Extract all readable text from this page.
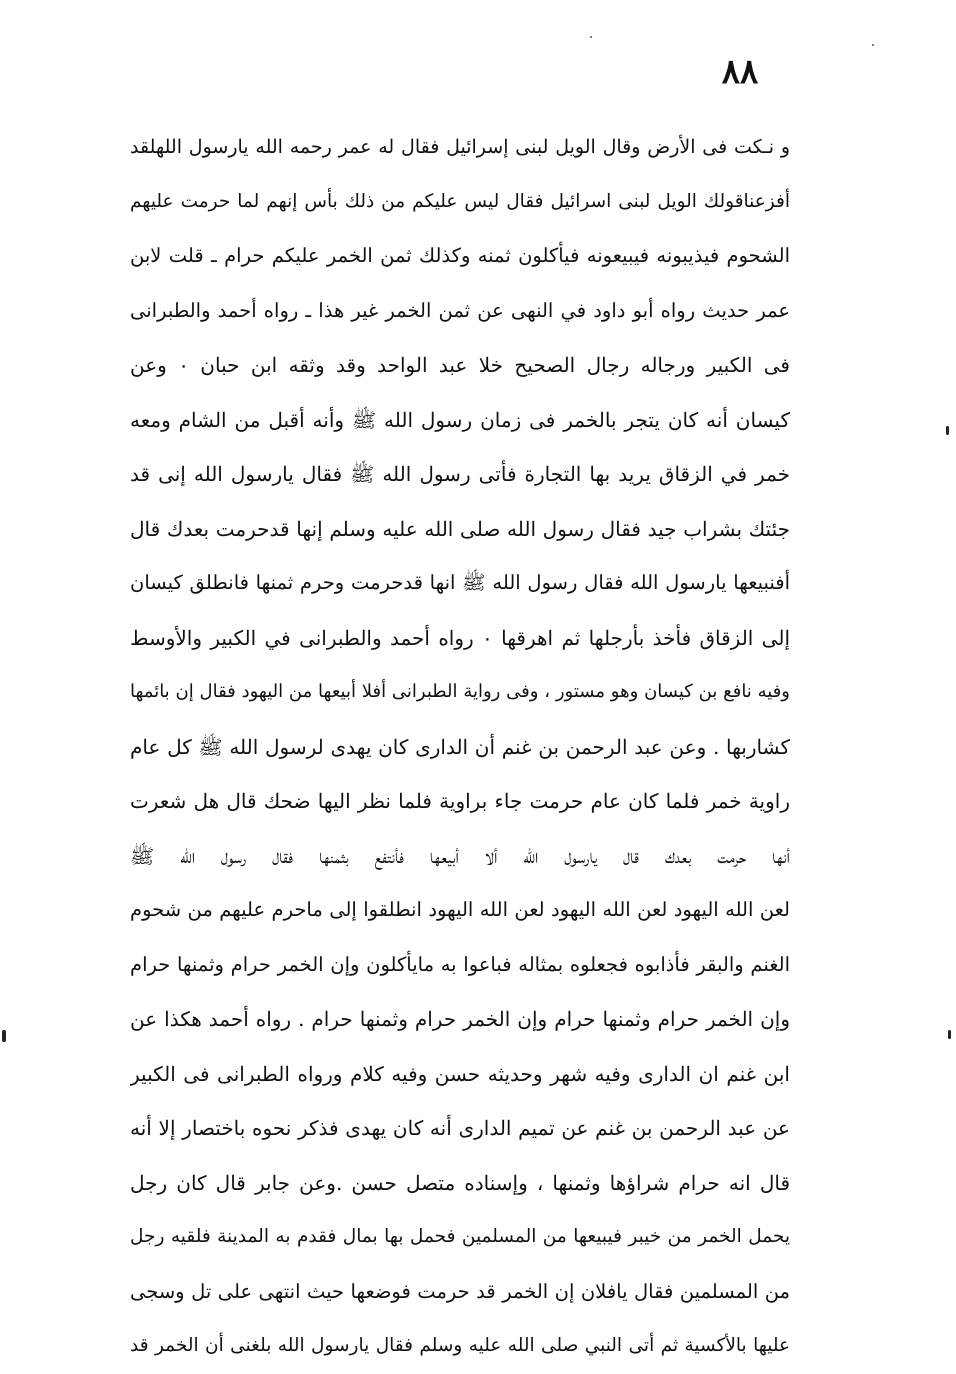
٨٨
و نـكت فى الأرض وقال الويل لبنى إسرائيل فقال له عمر رحمه الله يارسول اللهلقد
أفزعناقولك الويل لبنى اسرائيل فقال ليس عليكم من ذلك بأس إنهم لما حرمت عليهم
الشحوم فيذيبونه فيبيعونه فيأكلون ثمنه وكذلك ثمن الخمر عليكم حرام ـ قلت لابن
عمر حديث رواه أبو داود في النهى عن ثمن الخمر غير هذا ـ رواه أحمد والطبرانى
فى الكبير ورجاله رجال الصحيح خلا عبد الواحد وقد وثقه ابن حبان ٠ وعن
كيسان أنه كان يتجر بالخمر فى زمان رسول الله ﷺ وأنه أقبل من الشام ومعه
خمر في الزقاق يريد بها التجارة فأتى رسول الله ﷺ فقال يارسول الله إنى قد
جئتك بشراب جيد فقال رسول الله صلى الله عليه وسلم إنها قدحرمت بعدك قال
أفنبيعها يارسول الله فقال رسول الله ﷺ انها قدحرمت وحرم ثمنها فانطلق كيسان
إلى الزقاق فأخذ بأرجلها ثم اهرقها ٠ رواه أحمد والطبرانى في الكبير والأوسط
وفيه نافع بن كيسان وهو مستور ، وفى رواية الطبرانى أفلا أبيعها من اليهود فقال إن بائمها
كشاربها . وعن عبد الرحمن بن غنم أن الدارى كان يهدى لرسول الله ﷺ كل عام
راوية خمر فلما كان عام حرمت جاء براوية فلما نظر اليها ضحك قال هل شعرت
أنها حرمت بعدك قال يارسول الله ألا أبيعها فأنتفع بثمنها فقال رسول الله ﷺ
لعن الله اليهود لعن الله اليهود لعن الله اليهود انطلقوا إلى ماحرم عليهم من شحوم
الغنم والبقر فأذابوه فجعلوه بمثاله فباعوا به مايأكلون وإن الخمر حرام وثمنها حرام
وإن الخمر حرام وثمنها حرام وإن الخمر حرام وثمنها حرام . رواه أحمد هكذا عن
ابن غنم ان الدارى وفيه شهر وحديثه حسن وفيه كلام ورواه الطبرانى فى الكبير
عن عبد الرحمن بن غنم عن تميم الدارى أنه كان يهدى فذكر نحوه باختصار إلا أنه
قال انه حرام شراؤها وثمنها ، وإسناده متصل حسن .وعن جابر قال كان رجل
يحمل الخمر من خيبر فيبيعها من المسلمين فحمل بها بمال فقدم به المدينة فلقيه رجل
من المسلمين فقال يافلان إن الخمر قد حرمت فوضعها حيث انتهى على تل وسجى
عليها بالأكسية ثم أتى النبي صلى الله عليه وسلم فقال يارسول الله بلغنى أن الخمر قد
